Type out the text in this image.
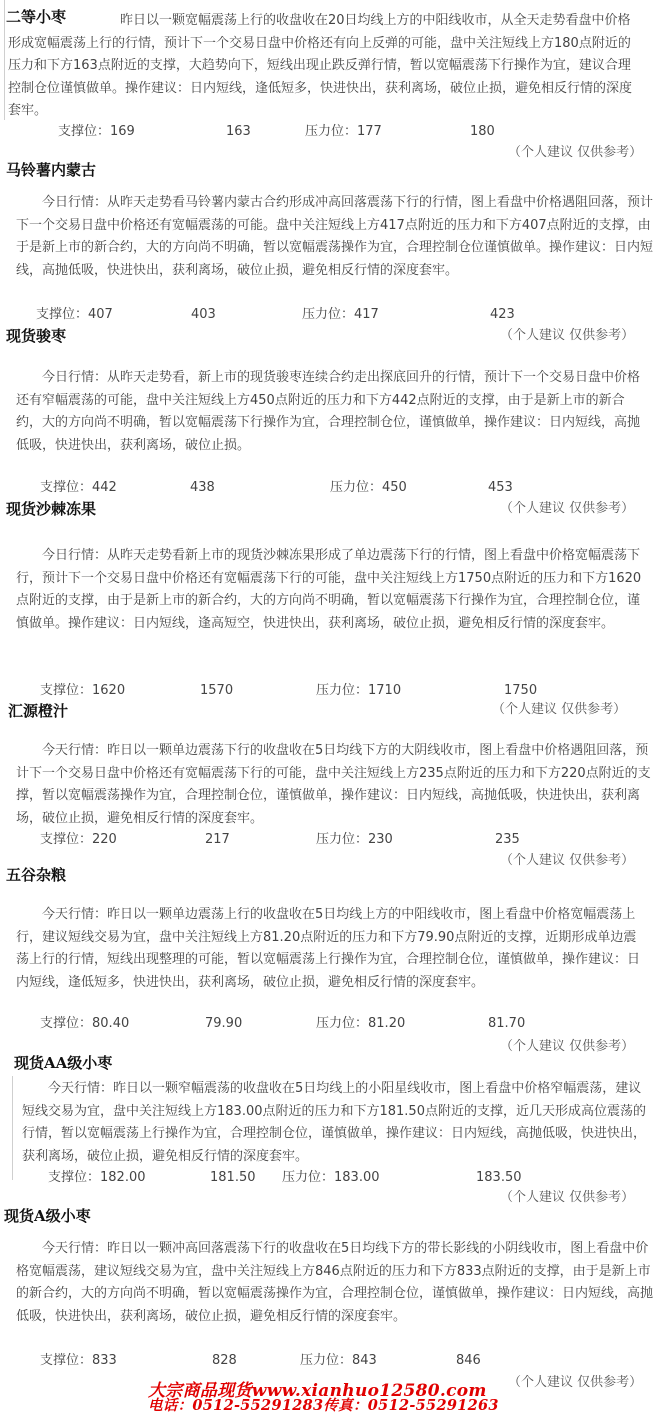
二等小枣	昨日以一颗宽幅震荡上行的收盘收在20日均线上方的中阳线收市，从全天走势看盘中价格形成宽幅震荡上行的行情，预计下一个交易日盘中价格还有向上反弹的可能，盘中关注短线上方180点附近的压力和下方163点附近的支撑，大趋势向下，短线出现止跌反弹行情，暂以宽幅震荡下行操作为宜，建议合理控制仓位谨慎做单。操作建议：日内短线，逢低短多，快进快出，获利离场，破位止损，避免相反行情的深度套牢。

支撑位：169	163	压力位：177	180
（个人建议 仅供参考）
马铃薯内蒙古

今日行情：从昨天走势看马铃薯内蒙古合约形成冲高回落震荡下行的行情，图上看盘中价格遇阻回落，预计下一个交易日盘中价格还有宽幅震荡的可能。盘中关注短线上方417点附近的压力和下方407点附近的支撑，由于是新上市的新合约，大的方向尚不明确，暂以宽幅震荡操作为宜，合理控制仓位谨慎做单。操作建议：日内短线，高抛低吸，快进快出，获利离场，破位止损，避免相反行情的深度套牢。

支撑位：407	403	压力位：417	423
（个人建议 仅供参考）
现货骏枣

今日行情：从昨天走势看，新上市的现货骏枣连续合约走出探底回升的行情，预计下一个交易日盘中价格还有窄幅震荡的可能，盘中关注短线上方450点附近的压力和下方442点附近的支撑，由于是新上市的新合约，大的方向尚不明确，暂以宽幅震荡下行操作为宜，合理控制仓位，谨慎做单，操作建议：日内短线，高抛低吸，快进快出，获利离场，破位止损。

支撑位：442	438	压力位：450	453
（个人建议 仅供参考）
现货沙棘冻果

今日行情：从昨天走势看新上市的现货沙棘冻果形成了单边震荡下行的行情，图上看盘中价格宽幅震荡下行，预计下一个交易日盘中价格还有宽幅震荡下行的可能，盘中关注短线上方1750点附近的压力和下方1620点附近的支撑，由于是新上市的新合约，大的方向尚不明确，暂以宽幅震荡下行操作为宜，合理控制仓位，谨慎做单。操作建议：日内短线，逢高短空，快进快出，获利离场，破位止损，避免相反行情的深度套牢。

支撑位：1620	1570	压力位：1710	1750
（个人建议 仅供参考）
汇源橙汁

今天行情：昨日以一颗单边震荡下行的收盘收在5日均线下方的大阴线收市，图上看盘中价格遇阻回落，预计下一个交易日盘中价格还有宽幅震荡下行的可能，盘中关注短线上方235点附近的压力和下方220点附近的支撑，暂以宽幅震荡操作为宜，合理控制仓位，谨慎做单，操作建议：日内短线，高抛低吸，快进快出，获利离场，破位止损，避免相反行情的深度套牢。

支撑位：220	217	压力位：230	235
（个人建议 仅供参考）
五谷杂粮

今天行情：昨日以一颗单边震荡上行的收盘收在5日均线上方的中阳线收市，图上看盘中价格宽幅震荡上行，建议短线交易为宜，盘中关注短线上方81.20点附近的压力和下方79.90点附近的支撑，近期形成单边震荡上行的行情，短线出现整理的可能，暂以宽幅震荡上行操作为宜，合理控制仓位，谨慎做单，操作建议：日内短线，逢低短多，快进快出，获利离场，破位止损，避免相反行情的深度套牢。

支撑位：80.40	79.90	压力位：81.20	81.70
（个人建议 仅供参考）
现货AA级小枣

今天行情：昨日以一颗窄幅震荡的收盘收在5日均线上的小阳星线收市，图上看盘中价格窄幅震荡，建议短线交易为宜，盘中关注短线上方183.00点附近的压力和下方181.50点附近的支撑，近几天形成高位震荡的行情，暂以宽幅震荡上行操作为宜，合理控制仓位，谨慎做单，操作建议：日内短线，高抛低吸，快进快出，获利离场，破位止损，避免相反行情的深度套牢。

支撑位：182.00	181.50 压力位：183.00	183.50
（个人建议 仅供参考）
现货A级小枣

今天行情：昨日以一颗冲高回落震荡下行的收盘收在5日均线下方的带长影线的小阴线收市，图上看盘中价格宽幅震荡，建议短线交易为宜，盘中关注短线上方846点附近的压力和下方833点附近的支撑，由于是新上市的新合约，大的方向尚不明确，暂以宽幅震荡操作为宜，合理控制仓位，谨慎做单，操作建议：日内短线，高抛低吸，快进快出，获利离场，破位止损，避免相反行情的深度套牢。

支撑位：833	828	压力位：843	846
（个人建议 仅供参考）
大宗商品现货www.xianhuo12580.com
电话：0512-55291283传真：0512-55291263
